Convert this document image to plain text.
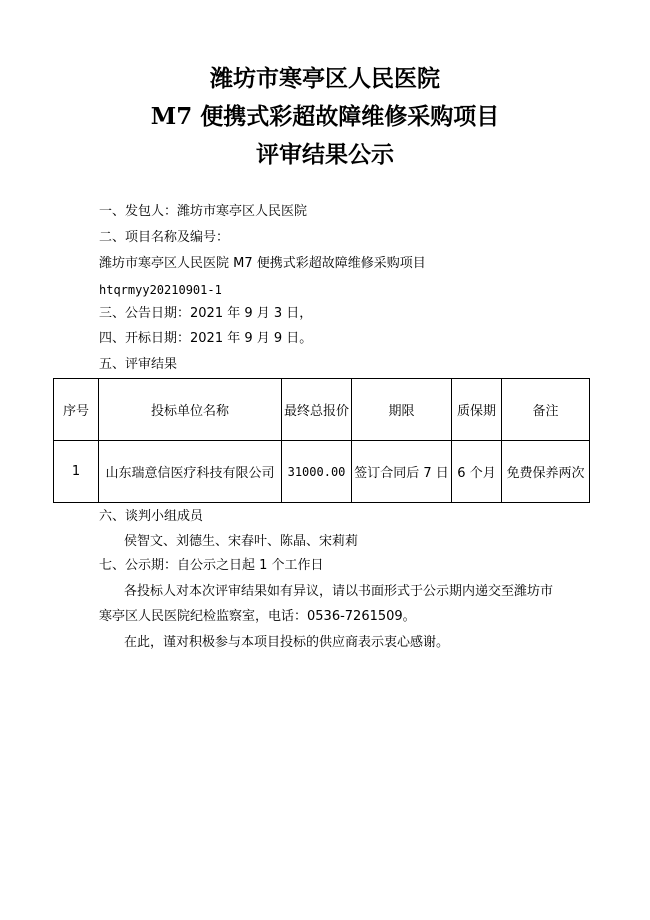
潍坊市寒亭区人民医院
M7 便携式彩超故障维修采购项目
评审结果公示
一、发包人：潍坊市寒亭区人民医院
二、项目名称及编号：
潍坊市寒亭区人民医院 M7 便携式彩超故障维修采购项目
htqrmyy20210901-1
三、公告日期：2021 年 9 月 3 日，
四、开标日期：2021 年 9 月 9 日。
五、评审结果
序号	投标单位名称	最终总报价	期限	质保期	备注
1	山东瑞意信医疗科技有限公司	31000.00	签订合同后 7 日	6 个月	免费保养两次
六、谈判小组成员
侯智文、刘德生、宋春叶、陈晶、宋莉莉
七、公示期：自公示之日起 1 个工作日
各投标人对本次评审结果如有异议，请以书面形式于公示期内递交至潍坊市
寒亭区人民医院纪检监察室，电话：0536-7261509。
在此，谨对积极参与本项目投标的供应商表示衷心感谢。
